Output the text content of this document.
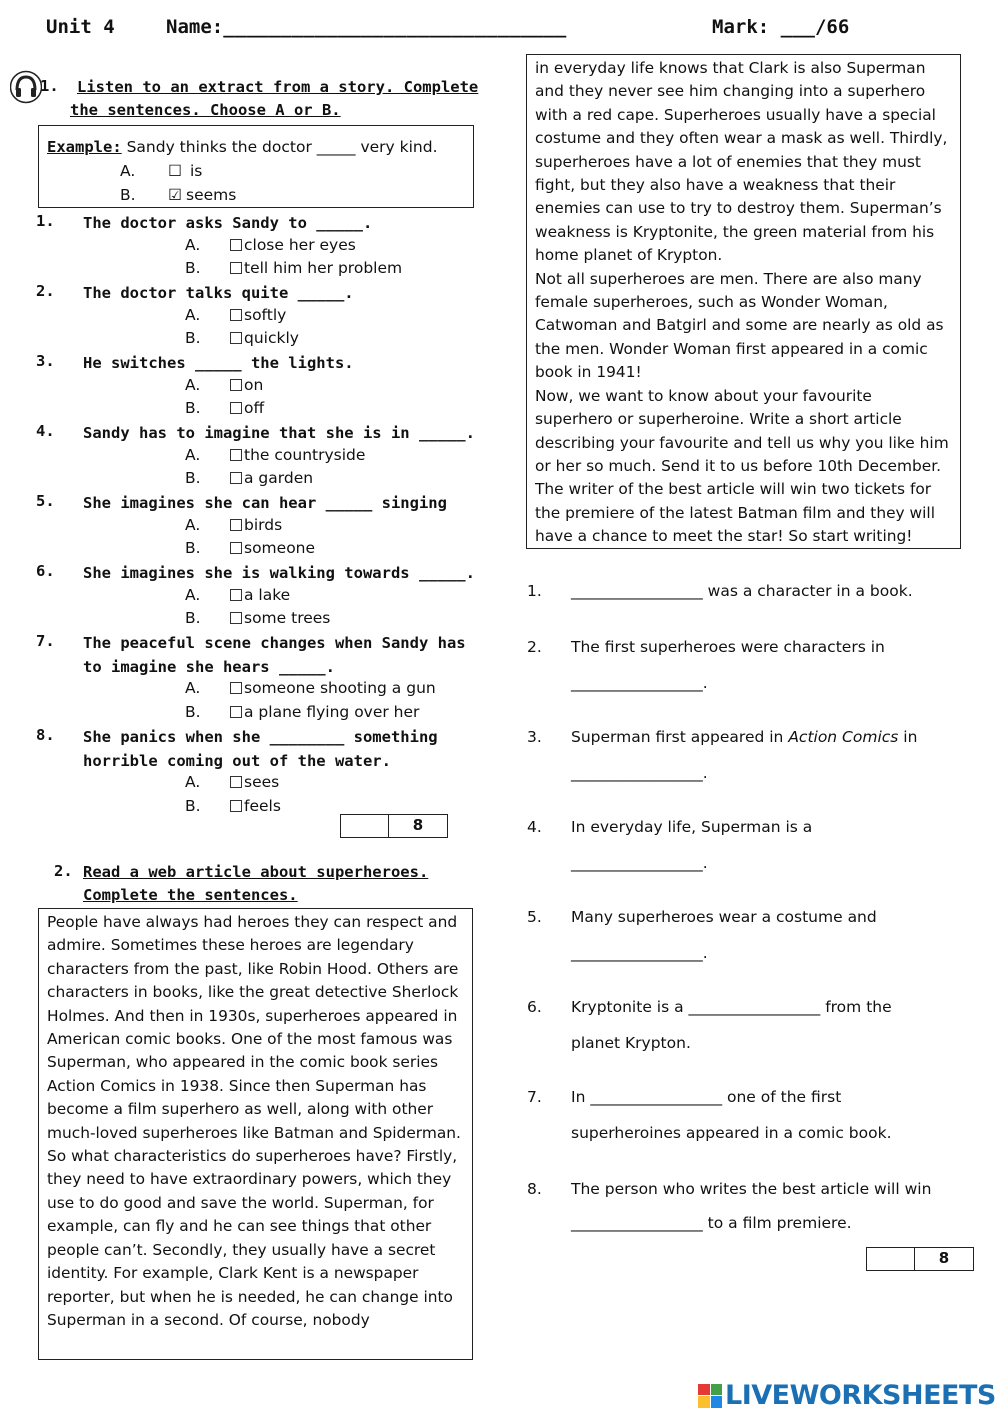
Unit 4	Name:______________________________	Mark: ___/66
1. Listen to an extract from a story. Complete
the sentences. Choose A or B.
Example: Sandy thinks the doctor _____ very kind.
A. ☐ is
B. ☑ seems
1. The doctor asks Sandy to _____.
A.	close her eyes
B.	tell him her problem
2. The doctor talks quite _____.
A.	softly
B.	quickly
3. He switches _____ the lights.
A.	on
B.	off
4. Sandy has to imagine that she is in _____.
A.	the countryside
B.	a garden
5. She imagines she can hear _____ singing
A.	birds
B.	someone
6. She imagines she is walking towards _____.
A.	a lake
B.	some trees
7. The peaceful scene changes when Sandy has to imagine she hears _____.
A.	someone shooting a gun
B.	a plane flying over her
8. She panics when she ________ something horrible coming out of the water.
A.	sees
B.	feels
8
2. Read a web article about superheroes.
Complete the sentences.

People have always had heroes they can respect and admire. Sometimes these heroes are legendary characters from the past, like Robin Hood. Others are characters in books, like the great detective Sherlock Holmes. And then in 1930s, superheroes appeared in American comic books. One of the most famous was Superman, who appeared in the comic book series Action Comics in 1938. Since then Superman has become a film superhero as well, along with other much-loved superheroes like Batman and Spiderman.

So what characteristics do superheroes have? Firstly, they need to have extraordinary powers, which they use to do good and save the world. Superman, for example, can fly and he can see things that other people can’t. Secondly, they usually have a secret identity. For example, Clark Kent is a newspaper reporter, but when he is needed, he can change into Superman in a second. Of course, nobody

in everyday life knows that Clark is also Superman and they never see him changing into a superhero with a red cape. Superheroes usually have a special costume and they often wear a mask as well. Thirdly, superheroes have a lot of enemies that they must fight, but they also have a weakness that their enemies can use to try to destroy them. Superman’s weakness is Kryptonite, the green material from his home planet of Krypton.

Not all superheroes are men. There are also many female superheroes, such as Wonder Woman, Catwoman and Batgirl and some are nearly as old as the men. Wonder Woman first appeared in a comic book in 1941!

Now, we want to know about your favourite superhero or superheroine. Write a short article describing your favourite and tell us why you like him or her so much. Send it to us before 10th December. The writer of the best article will win two tickets for the premiere of the latest Batman film and they will have a chance to meet the star! So start writing!

1. _________________ was a character in a book.
2. The first superheroes were characters in
_________________.
3. Superman first appeared in Action Comics in
_________________.
4. In everyday life, Superman is a
_________________.
5. Many superheroes wear a costume and
_________________.
6. Kryptonite is a _________________ from the
planet Krypton.
7. In _________________ one of the first
superheroines appeared in a comic book.
8. The person who writes the best article will win
_________________ to a film premiere.
8
LIVEWORKSHEETS
